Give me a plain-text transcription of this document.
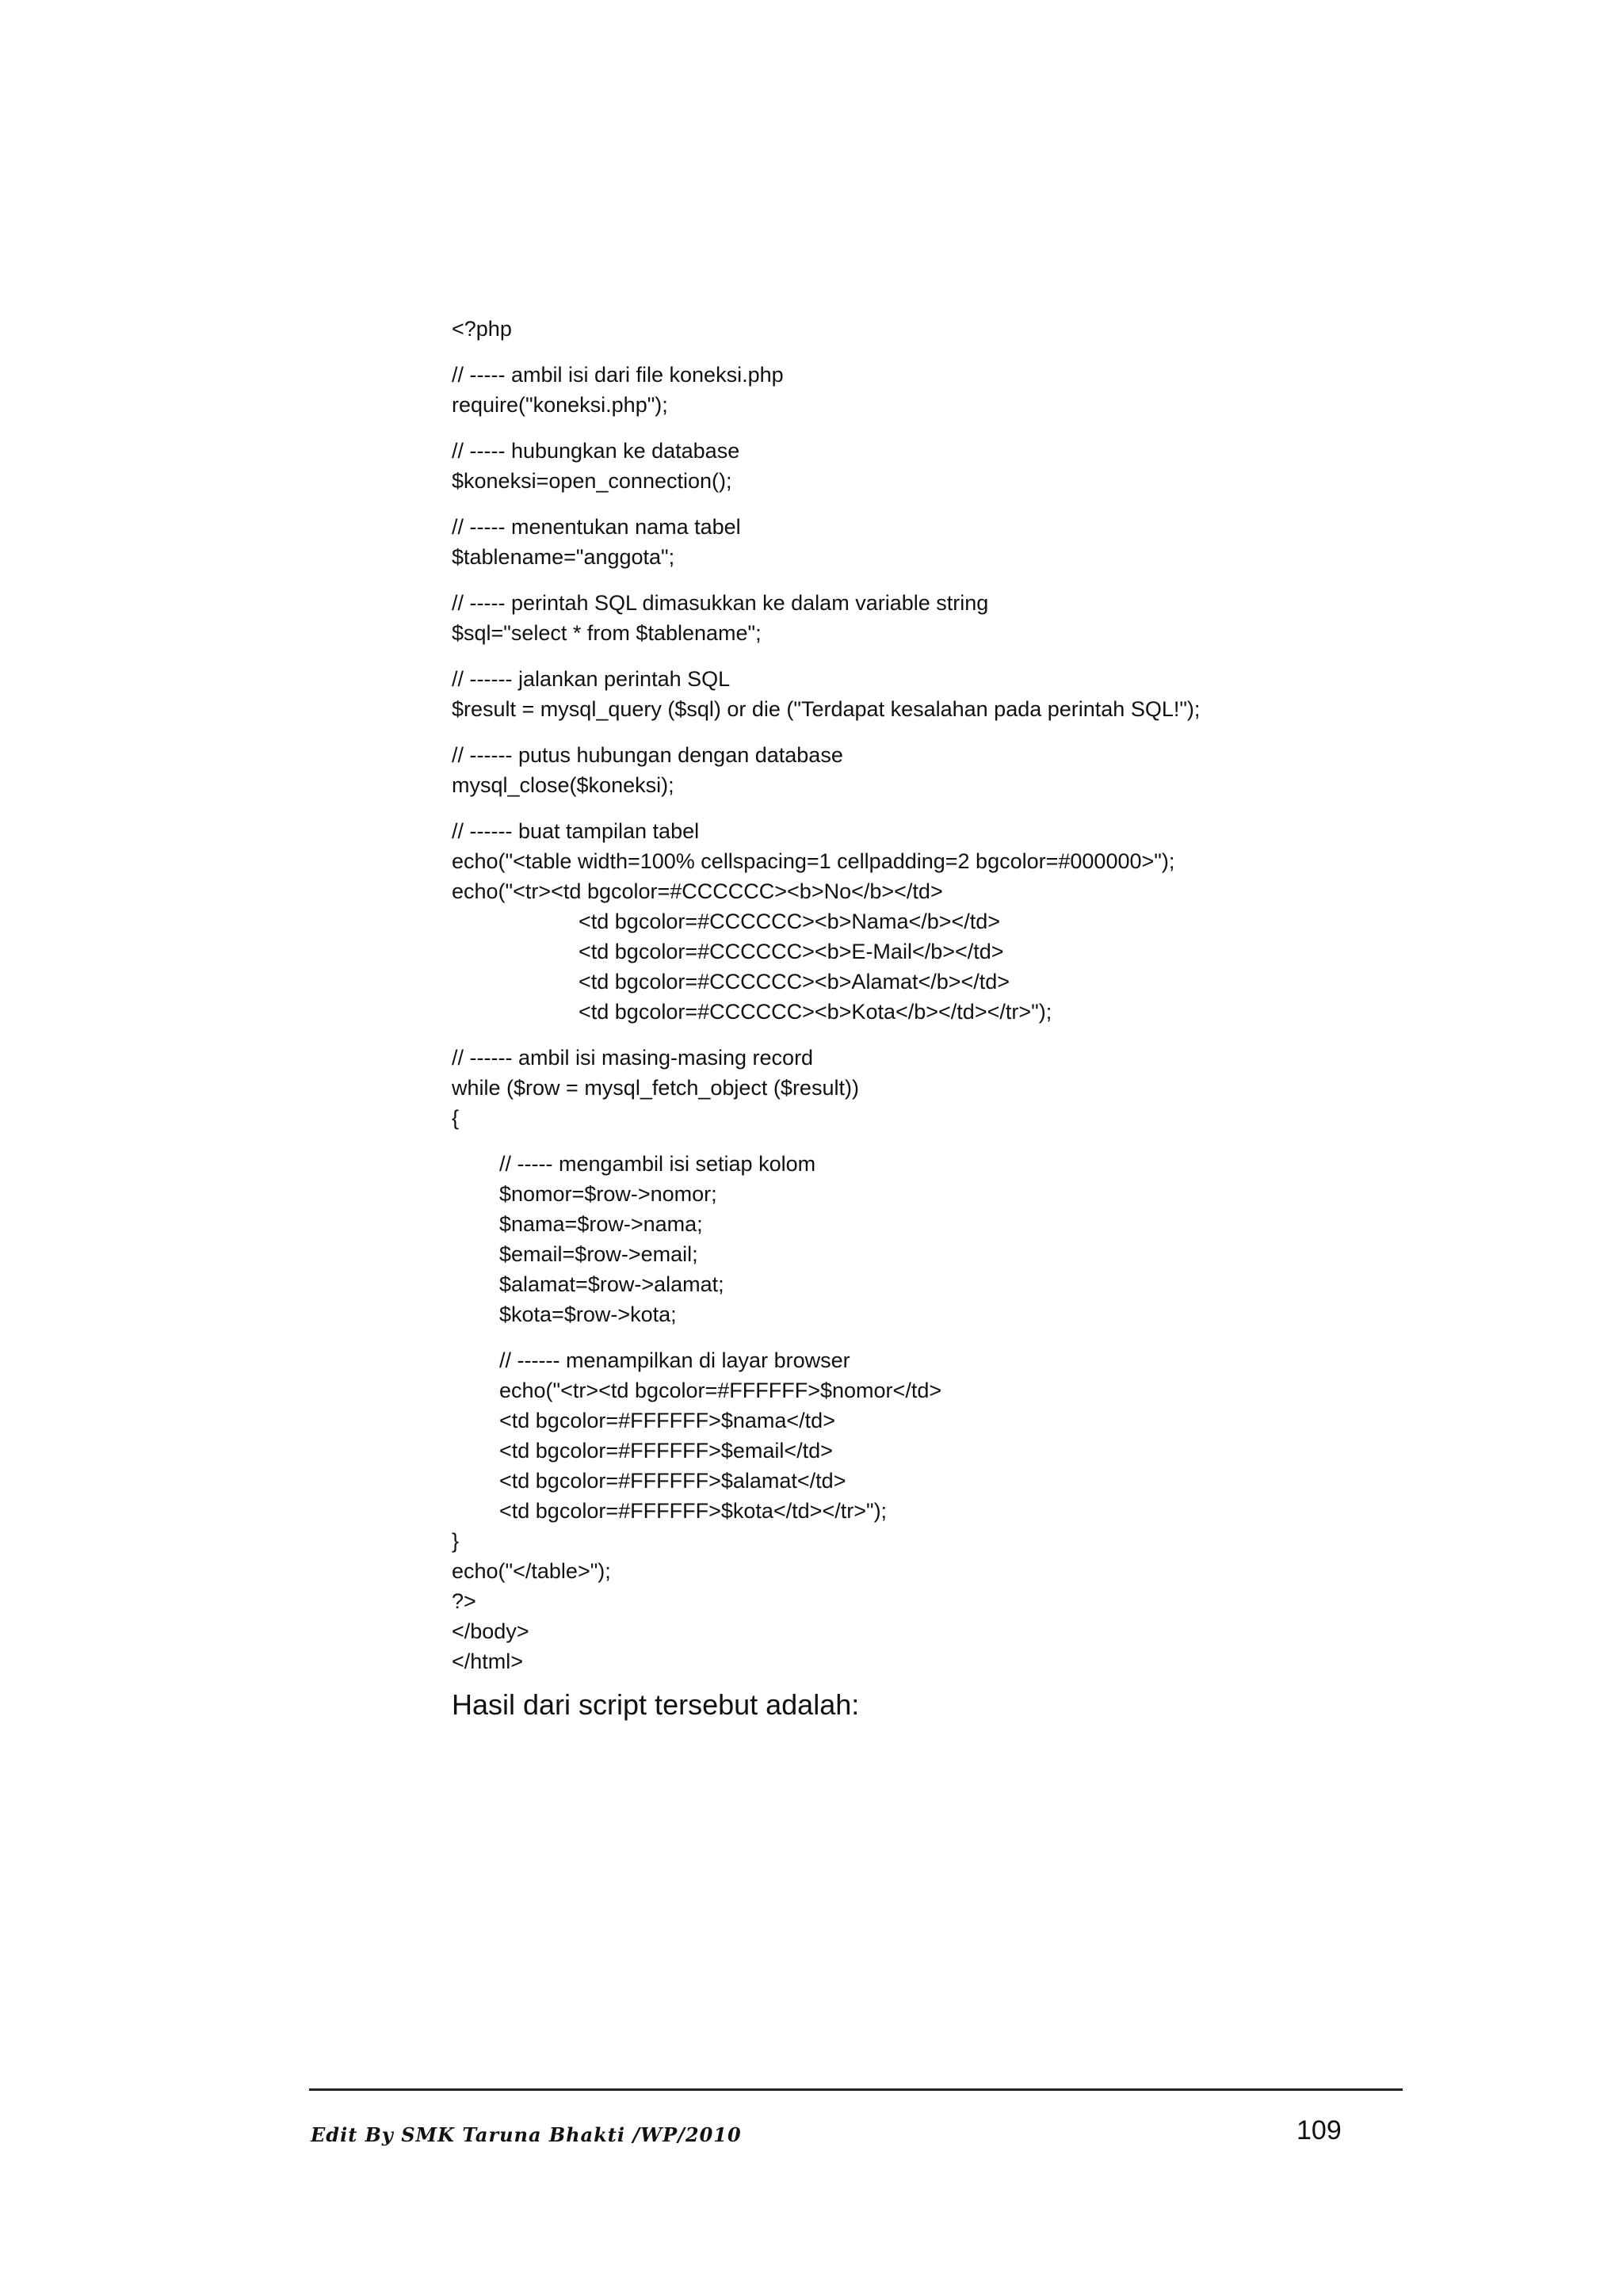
<?php
// ----- ambil isi dari file koneksi.php
require("koneksi.php");
// ----- hubungkan ke database
$koneksi=open_connection();
// ----- menentukan nama tabel
$tablename="anggota";
// ----- perintah SQL dimasukkan ke dalam variable string
$sql="select * from $tablename";
// ------ jalankan perintah SQL
$result = mysql_query ($sql) or die ("Terdapat kesalahan pada perintah SQL!");
// ------ putus hubungan dengan database
mysql_close($koneksi);
// ------ buat tampilan tabel
echo("<table width=100% cellspacing=1 cellpadding=2 bgcolor=#000000>");
echo("<tr><td bgcolor=#CCCCCC><b>No</b></td>
<td bgcolor=#CCCCCC><b>Nama</b></td>
<td bgcolor=#CCCCCC><b>E-Mail</b></td>
<td bgcolor=#CCCCCC><b>Alamat</b></td>
<td bgcolor=#CCCCCC><b>Kota</b></td></tr>");
// ------ ambil isi masing-masing record
while ($row = mysql_fetch_object ($result))
{
// ----- mengambil isi setiap kolom
$nomor=$row->nomor;
$nama=$row->nama;
$email=$row->email;
$alamat=$row->alamat;
$kota=$row->kota;
// ------ menampilkan di layar browser
echo("<tr><td bgcolor=#FFFFFF>$nomor</td>
<td bgcolor=#FFFFFF>$nama</td>
<td bgcolor=#FFFFFF>$email</td>
<td bgcolor=#FFFFFF>$alamat</td>
<td bgcolor=#FFFFFF>$kota</td></tr>");
}
echo("</table>");
?>
</body>
</html>
Hasil dari script tersebut adalah:
Edit By SMK Taruna Bhakti /WP/2010	109
